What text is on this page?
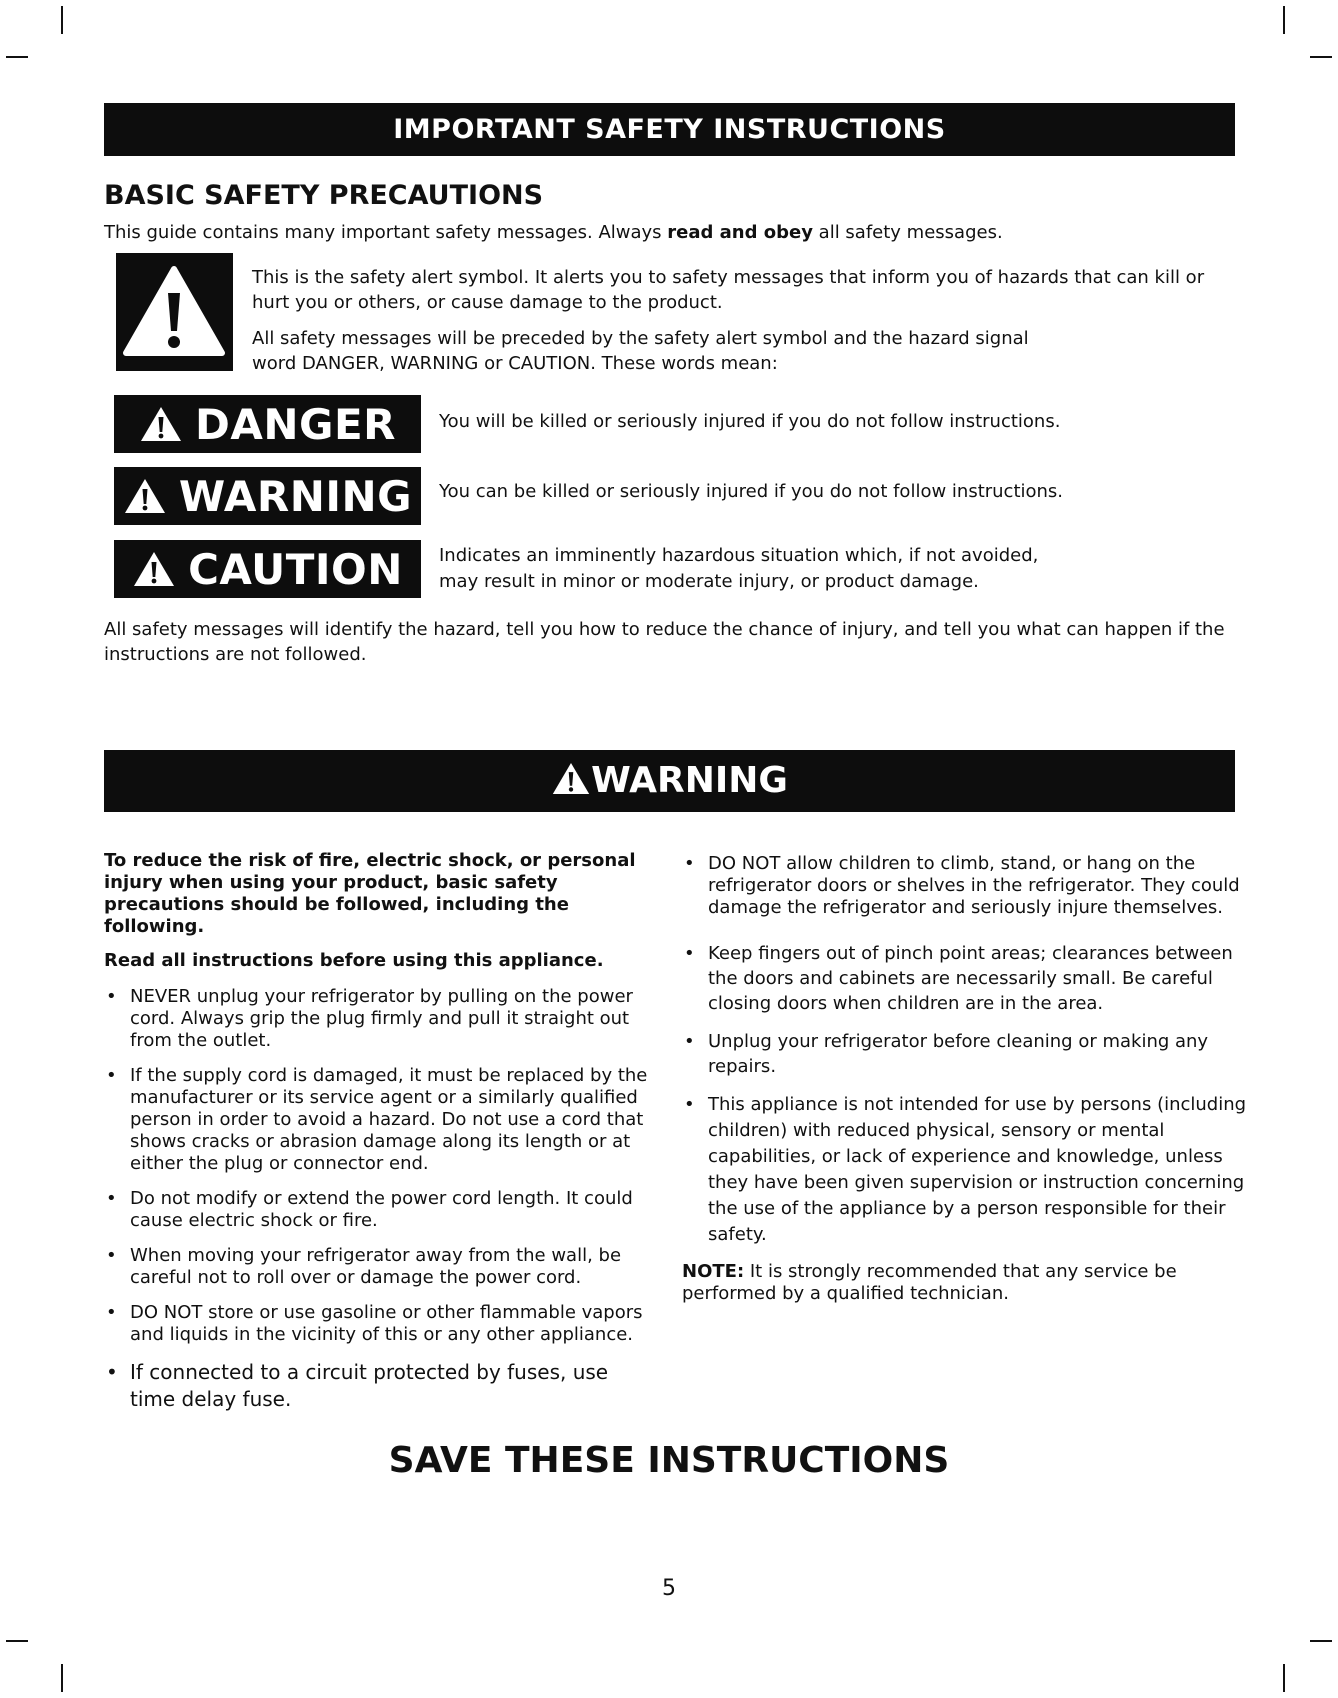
IMPORTANT SAFETY INSTRUCTIONS
BASIC SAFETY PRECAUTIONS

This guide contains many important safety messages. Always read and obey all safety messages.

This is the safety alert symbol. It alerts you to safety messages that inform you of hazards that can kill or hurt you or others, or cause damage to the product.

All safety messages will be preceded by the safety alert symbol and the hazard signal word DANGER, WARNING or CAUTION. These words mean:

DANGER You will be killed or seriously injured if you do not follow instructions.
WARNING You can be killed or seriously injured if you do not follow instructions.
CAUTION Indicates an imminently hazardous situation which, if not avoided, may result in minor or moderate injury, or product damage.

All safety messages will identify the hazard, tell you how to reduce the chance of injury, and tell you what can happen if the instructions are not followed.

WARNING

To reduce the risk of fire, electric shock, or personal injury when using your product, basic safety precautions should be followed, including the following.

Read all instructions before using this appliance.

• NEVER unplug your refrigerator by pulling on the power cord. Always grip the plug firmly and pull it straight out from the outlet.
• If the supply cord is damaged, it must be replaced by the manufacturer or its service agent or a similarly qualified person in order to avoid a hazard. Do not use a cord that shows cracks or abrasion damage along its length or at either the plug or connector end.
• Do not modify or extend the power cord length. It could cause electric shock or fire.
• When moving your refrigerator away from the wall, be careful not to roll over or damage the power cord.
• DO NOT store or use gasoline or other flammable vapors and liquids in the vicinity of this or any other appliance.
• If connected to a circuit protected by fuses, use time delay fuse.
• DO NOT allow children to climb, stand, or hang on the refrigerator doors or shelves in the refrigerator. They could damage the refrigerator and seriously injure themselves.
• Keep fingers out of pinch point areas; clearances between the doors and cabinets are necessarily small. Be careful closing doors when children are in the area.
• Unplug your refrigerator before cleaning or making any repairs.
• This appliance is not intended for use by persons (including children) with reduced physical, sensory or mental capabilities, or lack of experience and knowledge, unless they have been given supervision or instruction concerning the use of the appliance by a person responsible for their safety.

NOTE: It is strongly recommended that any service be performed by a qualified technician.

SAVE THESE INSTRUCTIONS
5
